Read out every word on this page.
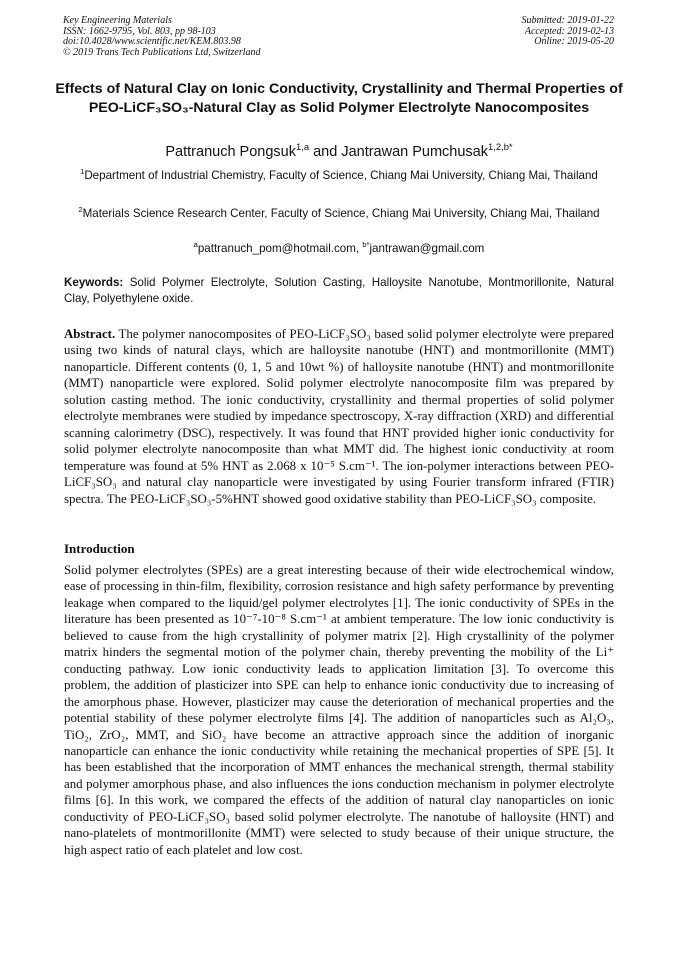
Key Engineering Materials
ISSN: 1662-9795, Vol. 803, pp 98-103
doi:10.4028/www.scientific.net/KEM.803.98
© 2019 Trans Tech Publications Ltd, Switzerland
Submitted: 2019-01-22
Accepted: 2019-02-13
Online: 2019-05-20
Effects of Natural Clay on Ionic Conductivity, Crystallinity and Thermal Properties of PEO-LiCF₃SO₃-Natural Clay as Solid Polymer Electrolyte Nanocomposites
Pattranuch Pongsuk$^{1,a}$ and Jantrawan Pumchusak$^{1,2,b*}$
$^1$Department of Industrial Chemistry, Faculty of Science, Chiang Mai University, Chiang Mai, Thailand
$^2$Materials Science Research Center, Faculty of Science, Chiang Mai University, Chiang Mai, Thailand
$^a$pattranuch_pom@hotmail.com, $^{b*}$jantrawan@gmail.com
Keywords: Solid Polymer Electrolyte, Solution Casting, Halloysite Nanotube, Montmorillonite, Natural Clay, Polyethylene oxide.
Abstract. The polymer nanocomposites of PEO-LiCF₃SO₃ based solid polymer electrolyte were prepared using two kinds of natural clays, which are halloysite nanotube (HNT) and montmorillonite (MMT) nanoparticle. Different contents (0, 1, 5 and 10wt %) of halloysite nanotube (HNT) and montmorillonite (MMT) nanoparticle were explored. Solid polymer electrolyte nanocomposite film was prepared by solution casting method. The ionic conductivity, crystallinity and thermal properties of solid polymer electrolyte membranes were studied by impedance spectroscopy, X-ray diffraction (XRD) and differential scanning calorimetry (DSC), respectively. It was found that HNT provided higher ionic conductivity for solid polymer electrolyte nanocomposite than what MMT did. The highest ionic conductivity at room temperature was found at 5% HNT as 2.068 x 10⁻⁵ S.cm⁻¹. The ion-polymer interactions between PEO-LiCF₃SO₃ and natural clay nanoparticle were investigated by using Fourier transform infrared (FTIR) spectra. The PEO-LiCF₃SO₃-5%HNT showed good oxidative stability than PEO-LiCF₃SO₃ composite.
Introduction
Solid polymer electrolytes (SPEs) are a great interesting because of their wide electrochemical window, ease of processing in thin-film, flexibility, corrosion resistance and high safety performance by preventing leakage when compared to the liquid/gel polymer electrolytes [1]. The ionic conductivity of SPEs in the literature has been presented as 10⁻⁷-10⁻⁸ S.cm⁻¹ at ambient temperature. The low ionic conductivity is believed to cause from the high crystallinity of polymer matrix [2]. High crystallinity of the polymer matrix hinders the segmental motion of the polymer chain, thereby preventing the mobility of the Li⁺ conducting pathway. Low ionic conductivity leads to application limitation [3]. To overcome this problem, the addition of plasticizer into SPE can help to enhance ionic conductivity due to increasing of the amorphous phase. However, plasticizer may cause the deterioration of mechanical properties and the potential stability of these polymer electrolyte films [4]. The addition of nanoparticles such as Al₂O₃, TiO₂, ZrO₂, MMT, and SiO₂ have become an attractive approach since the addition of inorganic nanoparticle can enhance the ionic conductivity while retaining the mechanical properties of SPE [5]. It has been established that the incorporation of MMT enhances the mechanical strength, thermal stability and polymer amorphous phase, and also influences the ions conduction mechanism in polymer electrolyte films [6]. In this work, we compared the effects of the addition of natural clay nanoparticles on ionic conductivity of PEO-LiCF₃SO₃ based solid polymer electrolyte. The nanotube of halloysite (HNT) and nano-platelets of montmorillonite (MMT) were selected to study because of their unique structure, the high aspect ratio of each platelet and low cost.
